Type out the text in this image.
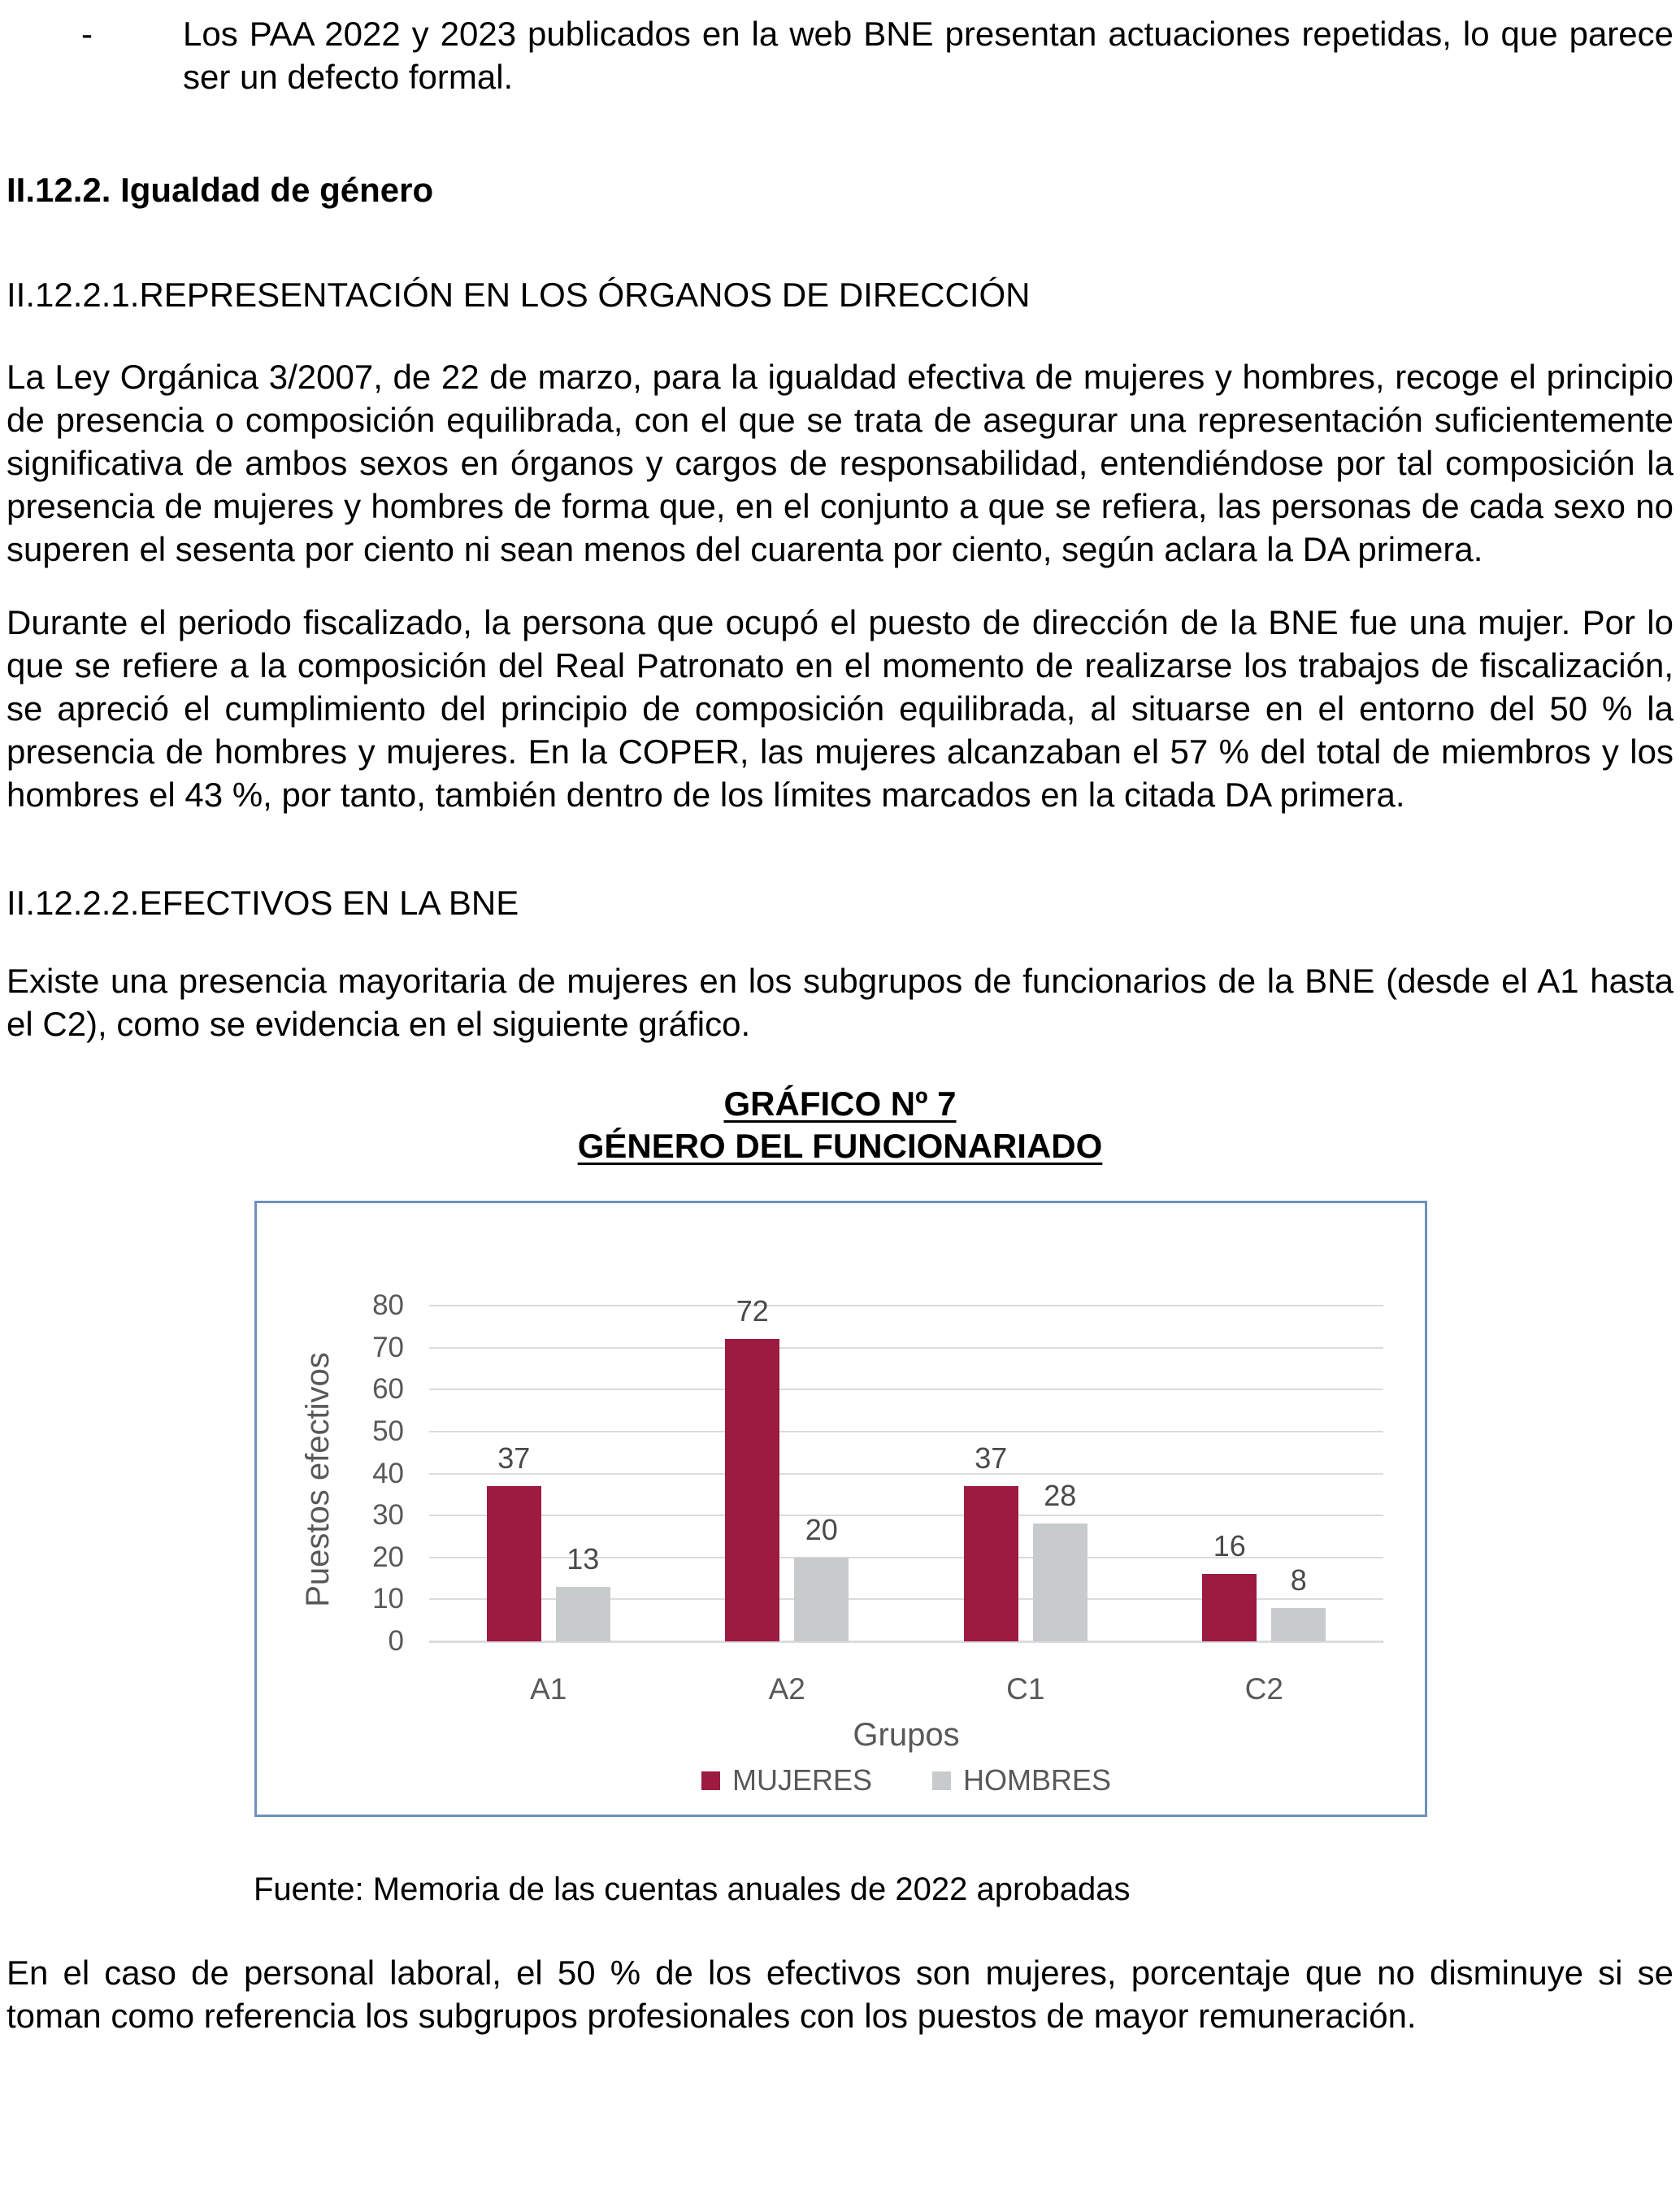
-	Los PAA 2022 y 2023 publicados en la web BNE presentan actuaciones repetidas, lo que parece ser un defecto formal.
II.12.2. Igualdad de género
II.12.2.1.REPRESENTACIÓN EN LOS ÓRGANOS DE DIRECCIÓN
La Ley Orgánica 3/2007, de 22 de marzo, para la igualdad efectiva de mujeres y hombres, recoge el principio de presencia o composición equilibrada, con el que se trata de asegurar una representación suficientemente significativa de ambos sexos en órganos y cargos de responsabilidad, entendiéndose por tal composición la presencia de mujeres y hombres de forma que, en el conjunto a que se refiera, las personas de cada sexo no superen el sesenta por ciento ni sean menos del cuarenta por ciento, según aclara la DA primera.
Durante el periodo fiscalizado, la persona que ocupó el puesto de dirección de la BNE fue una mujer. Por lo que se refiere a la composición del Real Patronato en el momento de realizarse los trabajos de fiscalización, se apreció el cumplimiento del principio de composición equilibrada, al situarse en el entorno del 50 % la presencia de hombres y mujeres. En la COPER, las mujeres alcanzaban el 57 % del total de miembros y los hombres el 43 %, por tanto, también dentro de los límites marcados en la citada DA primera.
II.12.2.2.EFECTIVOS EN LA BNE
Existe una presencia mayoritaria de mujeres en los subgrupos de funcionarios de la BNE (desde el A1 hasta el C2), como se evidencia en el siguiente gráfico.
GRÁFICO Nº 7
GÉNERO DEL FUNCIONARIADO
Puestos efectivos
Grupos
MUJERES	HOMBRES
0
10
20
30
40
50
60
70
80
A1
37
13
A2
72
20
C1
37
28
C2
16
8
Fuente: Memoria de las cuentas anuales de 2022 aprobadas
En el caso de personal laboral, el 50 % de los efectivos son mujeres, porcentaje que no disminuye si se toman como referencia los subgrupos profesionales con los puestos de mayor remuneración.
